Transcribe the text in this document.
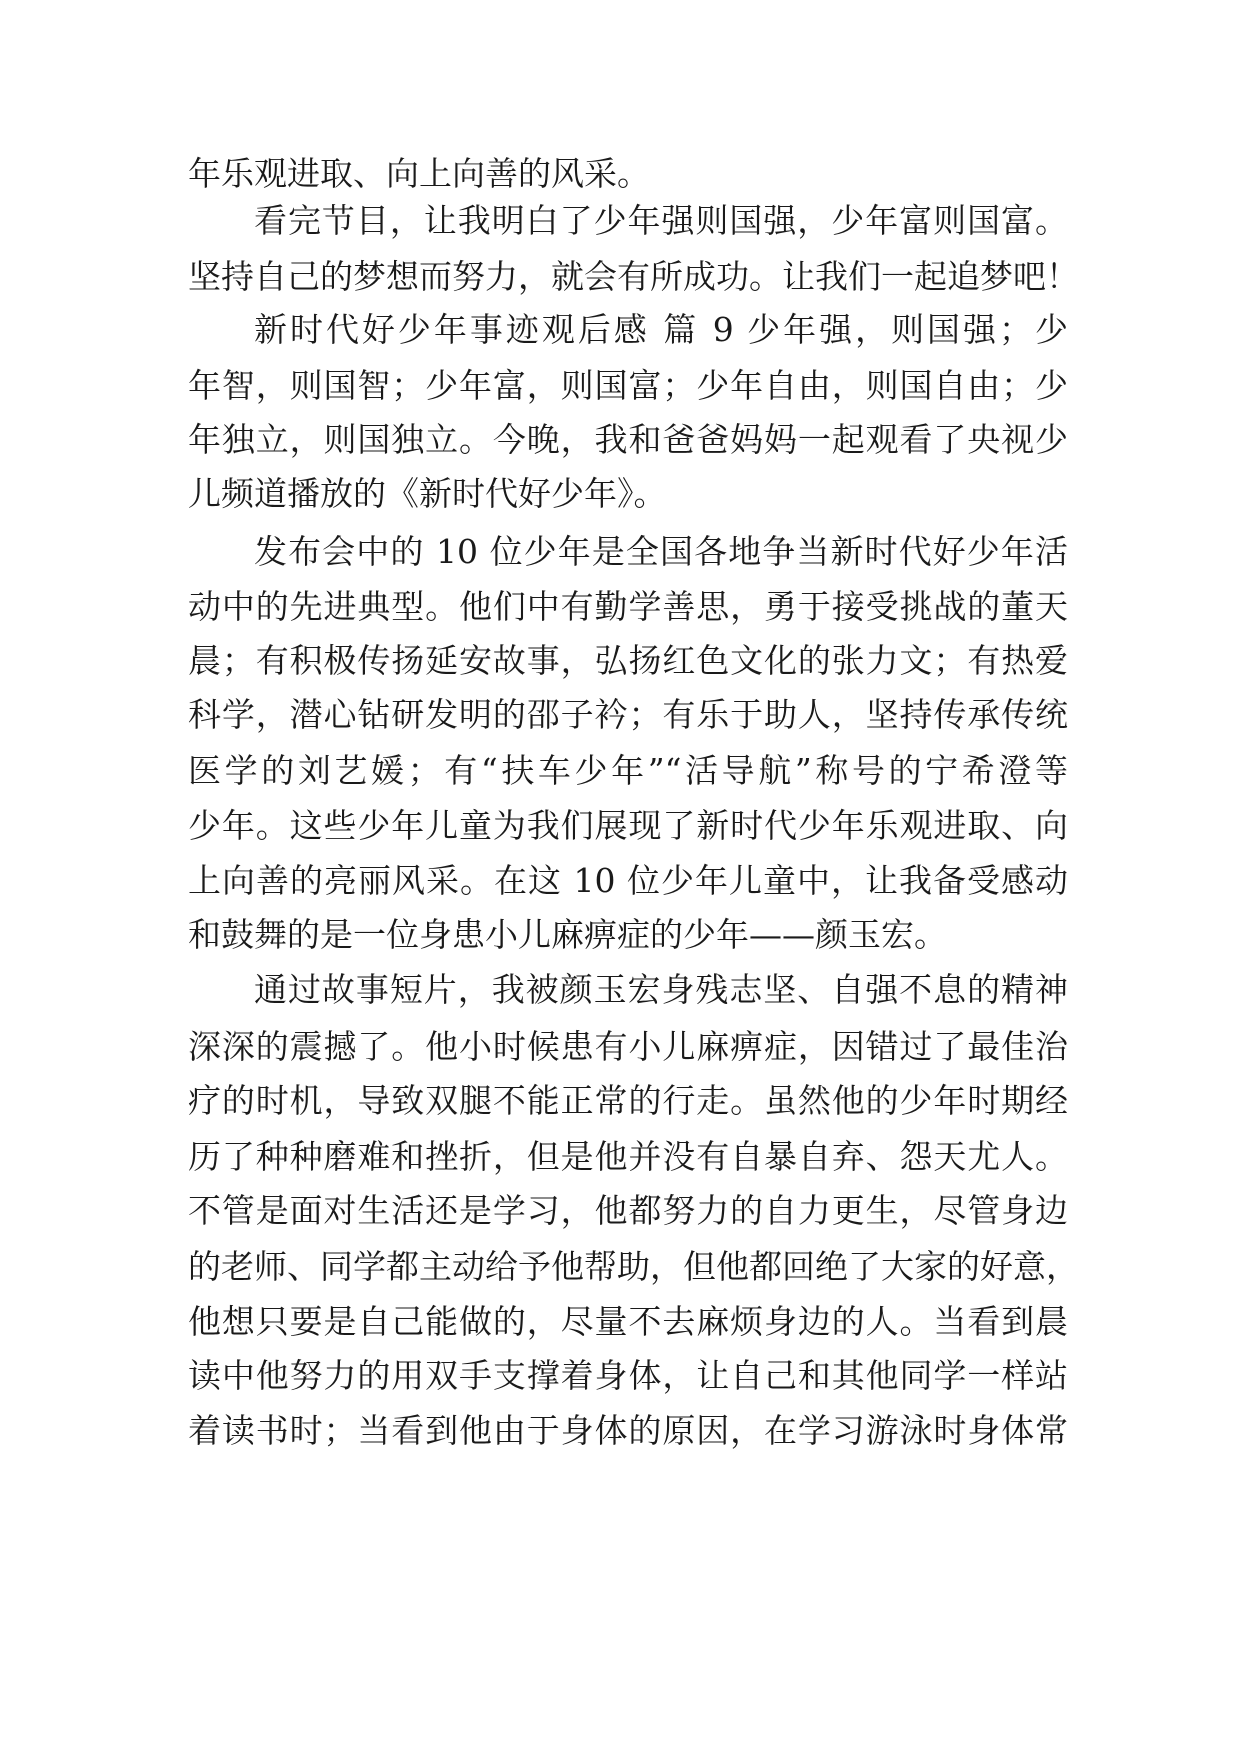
年乐观进取、向上向善的风采。
看完节目，让我明白了少年强则国强，少年富则国富。
坚持自己的梦想而努力，就会有所成功。让我们一起追梦吧！
新时代好少年事迹观后感 篇 9 少年强，则国强；少
年智，则国智；少年富，则国富；少年自由，则国自由；少
年独立，则国独立。今晚，我和爸爸妈妈一起观看了央视少
儿频道播放的《新时代好少年》。
发布会中的 10 位少年是全国各地争当新时代好少年活
动中的先进典型。他们中有勤学善思，勇于接受挑战的董天
晨；有积极传扬延安故事，弘扬红色文化的张力文；有热爱
科学，潜心钻研发明的邵子衿；有乐于助人，坚持传承传统
医学的刘艺媛；有“扶车少年”“活导航”称号的宁希澄等
少年。这些少年儿童为我们展现了新时代少年乐观进取、向
上向善的亮丽风采。在这 10 位少年儿童中，让我备受感动
和鼓舞的是一位身患小儿麻痹症的少年——颜玉宏。
通过故事短片，我被颜玉宏身残志坚、自强不息的精神
深深的震撼了。他小时候患有小儿麻痹症，因错过了最佳治
疗的时机，导致双腿不能正常的行走。虽然他的少年时期经
历了种种磨难和挫折，但是他并没有自暴自弃、怨天尤人。
不管是面对生活还是学习，他都努力的自力更生，尽管身边
的老师、同学都主动给予他帮助，但他都回绝了大家的好意，
他想只要是自己能做的，尽量不去麻烦身边的人。当看到晨
读中他努力的用双手支撑着身体，让自己和其他同学一样站
着读书时；当看到他由于身体的原因，在学习游泳时身体常
